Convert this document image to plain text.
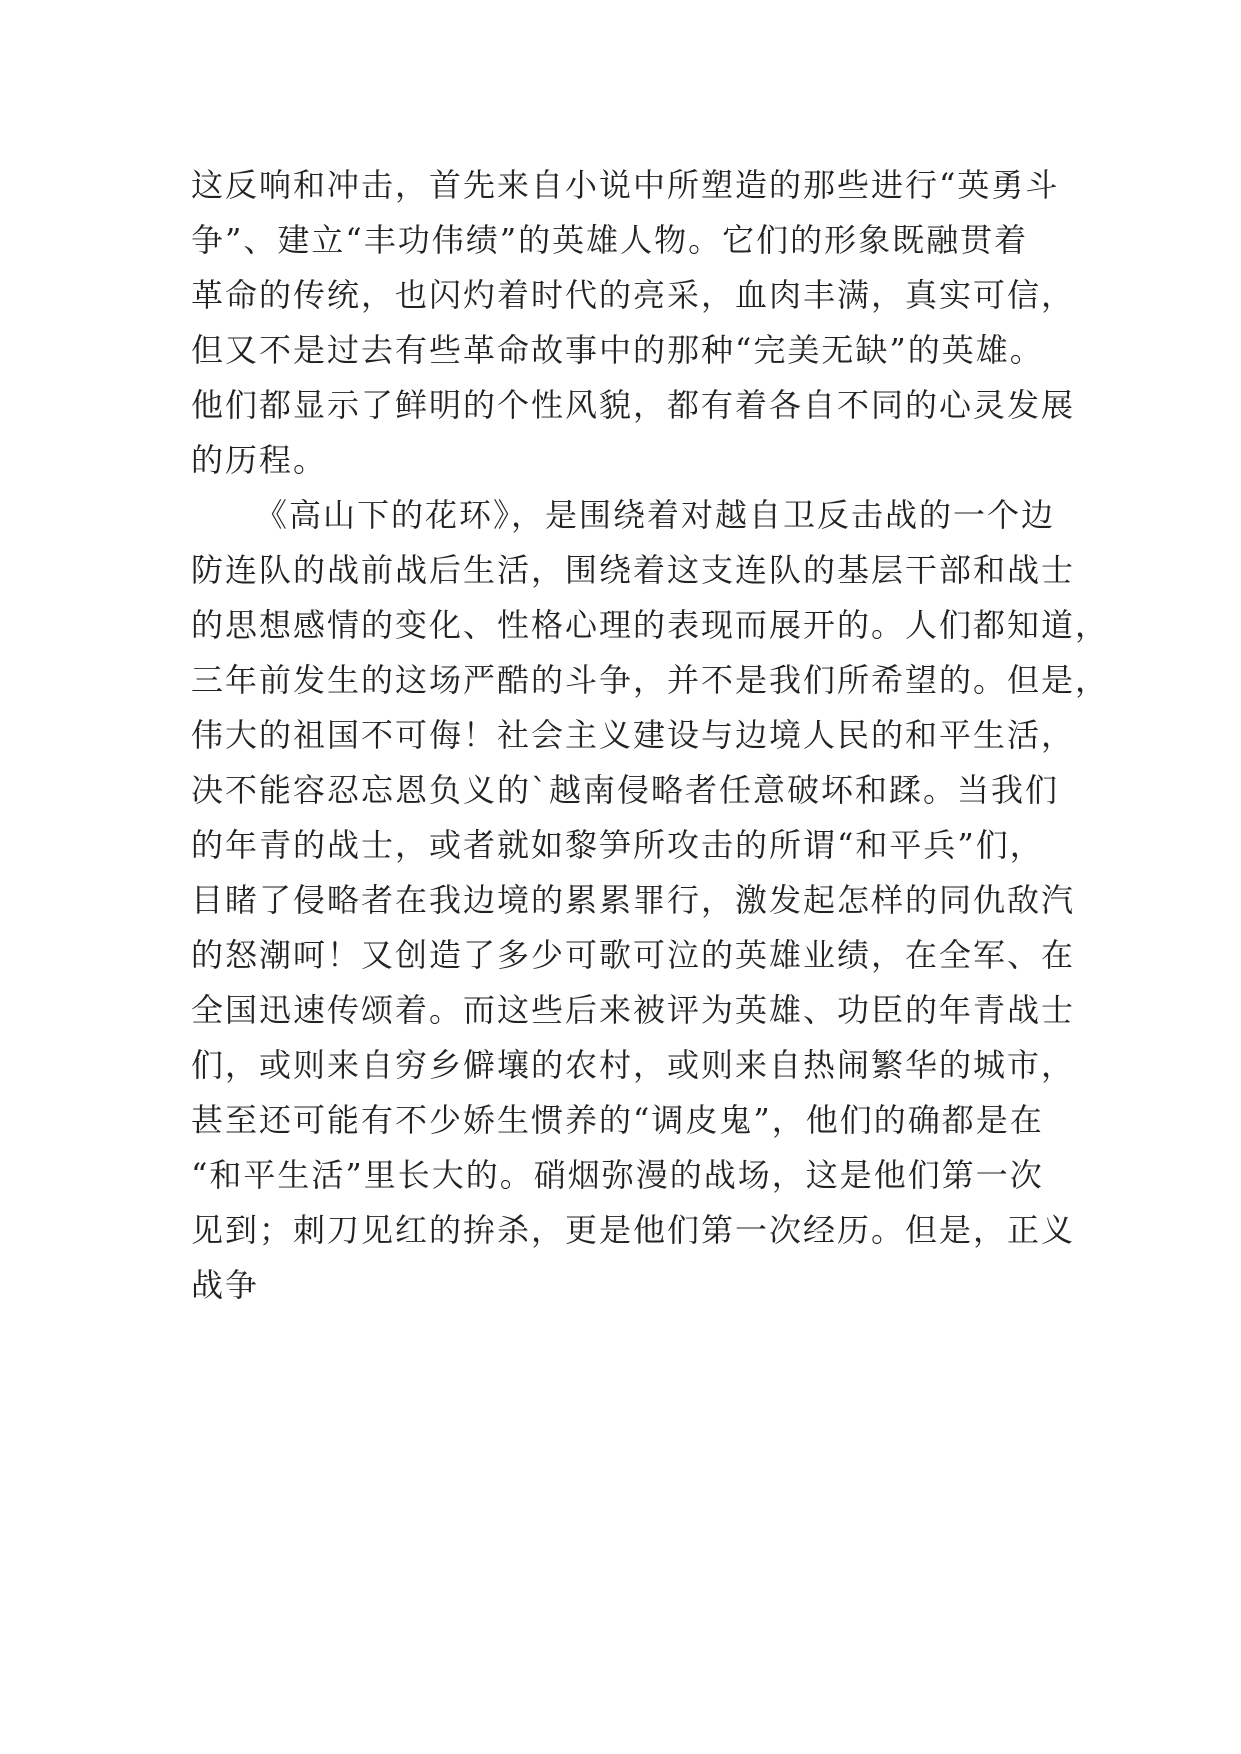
这反响和冲击，首先来自小说中所塑造的那些进行“英勇斗
争”、建立“丰功伟绩”的英雄人物。它们的形象既融贯着
革命的传统，也闪灼着时代的亮采，血肉丰满，真实可信，
但又不是过去有些革命故事中的那种“完美无缺”的英雄。
他们都显示了鲜明的个性风貌，都有着各自不同的心灵发展
的历程。
《高山下的花环》，是围绕着对越自卫反击战的一个边
防连队的战前战后生活，围绕着这支连队的基层干部和战士
的思想感情的变化、性格心理的表现而展开的。人们都知道，
三年前发生的这场严酷的斗争，并不是我们所希望的。但是，
伟大的祖国不可侮！社会主义建设与边境人民的和平生活，
决不能容忍忘恩负义的`越南侵略者任意破坏和蹂。当我们
的年青的战士，或者就如黎笋所攻击的所谓“和平兵”们，
目睹了侵略者在我边境的累累罪行，激发起怎样的同仇敌汽
的怒潮呵！又创造了多少可歌可泣的英雄业绩，在全军、在
全国迅速传颂着。而这些后来被评为英雄、功臣的年青战士
们，或则来自穷乡僻壤的农村，或则来自热闹繁华的城市，
甚至还可能有不少娇生惯养的“调皮鬼”，他们的确都是在
“和平生活”里长大的。硝烟弥漫的战场，这是他们第一次
见到；刺刀见红的拚杀，更是他们第一次经历。但是，正义
战争
